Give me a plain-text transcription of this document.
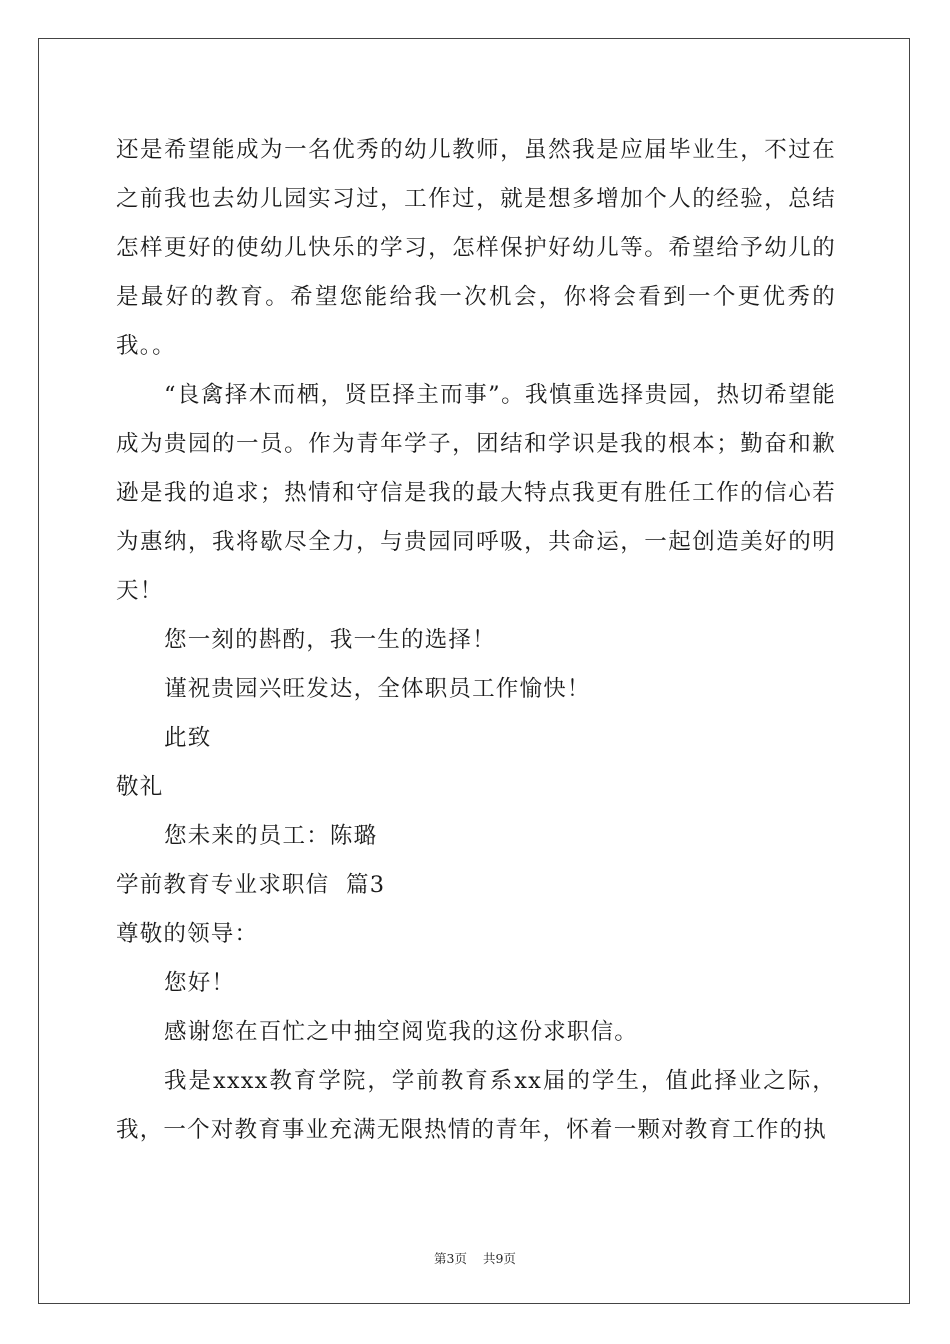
还是希望能成为一名优秀的幼儿教师，虽然我是应届毕业生，不过在之前我也去幼儿园实习过，工作过，就是想多增加个人的经验，总结怎样更好的使幼儿快乐的学习，怎样保护好幼儿等。希望给予幼儿的是最好的教育。希望您能给我一次机会，你将会看到一个更优秀的我。。

“良禽择木而栖，贤臣择主而事”。我慎重选择贵园，热切希望能成为贵园的一员。作为青年学子，团结和学识是我的根本；勤奋和歉逊是我的追求；热情和守信是我的最大特点我更有胜任工作的信心若为惠纳，我将歇尽全力，与贵园同呼吸，共命运，一起创造美好的明天！

您一刻的斟酌，我一生的选择！

谨祝贵园兴旺发达，全体职员工作愉快！

此致

敬礼

您未来的员工：陈璐

学前教育专业求职信  篇3

尊敬的领导：

您好！

感谢您在百忙之中抽空阅览我的这份求职信。

我是xxxx教育学院，学前教育系xx届的学生，值此择业之际，我，一个对教育事业充满无限热情的青年，怀着一颗对教育工作的执

第3页 共9页
